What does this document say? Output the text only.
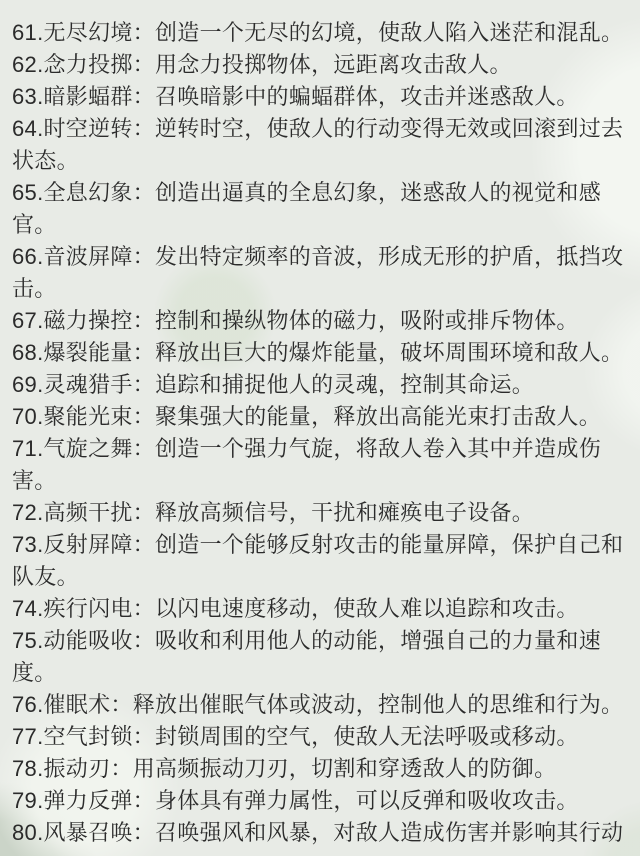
61.无尽幻境：创造一个无尽的幻境，使敌人陷入迷茫和混乱。

62.念力投掷：用念力投掷物体，远距离攻击敌人。

63.暗影蝠群：召唤暗影中的蝙蝠群体，攻击并迷惑敌人。

64.时空逆转：逆转时空，使敌人的行动变得无效或回滚到过去状态。

65.全息幻象：创造出逼真的全息幻象，迷惑敌人的视觉和感官。

66.音波屏障：发出特定频率的音波，形成无形的护盾，抵挡攻击。

67.磁力操控：控制和操纵物体的磁力，吸附或排斥物体。

68.爆裂能量：释放出巨大的爆炸能量，破坏周围环境和敌人。

69.灵魂猎手：追踪和捕捉他人的灵魂，控制其命运。

70.聚能光束：聚集强大的能量，释放出高能光束打击敌人。

71.气旋之舞：创造一个强力气旋，将敌人卷入其中并造成伤害。

72.高频干扰：释放高频信号，干扰和瘫痪电子设备。

73.反射屏障：创造一个能够反射攻击的能量屏障，保护自己和队友。

74.疾行闪电：以闪电速度移动，使敌人难以追踪和攻击。

75.动能吸收：吸收和利用他人的动能，增强自己的力量和速度。

76.催眠术：释放出催眠气体或波动，控制他人的思维和行为。

77.空气封锁：封锁周围的空气，使敌人无法呼吸或移动。

78.振动刃：用高频振动刀刃，切割和穿透敌人的防御。

79.弹力反弹：身体具有弹力属性，可以反弹和吸收攻击。

80.风暴召唤：召唤强风和风暴，对敌人造成伤害并影响其行动
